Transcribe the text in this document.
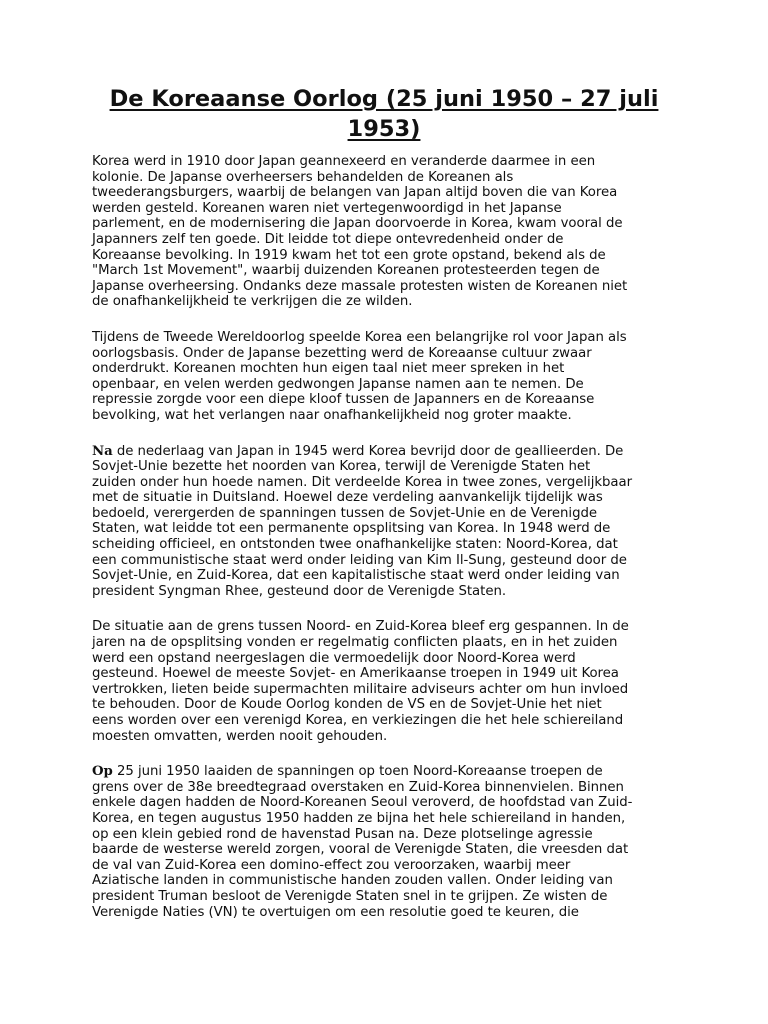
De Koreaanse Oorlog (25 juni 1950 – 27 juli
1953)

Korea werd in 1910 door Japan geannexeerd en veranderde daarmee in een
kolonie. De Japanse overheersers behandelden de Koreanen als
tweederangsburgers, waarbij de belangen van Japan altijd boven die van Korea
werden gesteld. Koreanen waren niet vertegenwoordigd in het Japanse
parlement, en de modernisering die Japan doorvoerde in Korea, kwam vooral de
Japanners zelf ten goede. Dit leidde tot diepe ontevredenheid onder de
Koreaanse bevolking. In 1919 kwam het tot een grote opstand, bekend als de
"March 1st Movement", waarbij duizenden Koreanen protesteerden tegen de
Japanse overheersing. Ondanks deze massale protesten wisten de Koreanen niet
de onafhankelijkheid te verkrijgen die ze wilden.

Tijdens de Tweede Wereldoorlog speelde Korea een belangrijke rol voor Japan als
oorlogsbasis. Onder de Japanse bezetting werd de Koreaanse cultuur zwaar
onderdrukt. Koreanen mochten hun eigen taal niet meer spreken in het
openbaar, en velen werden gedwongen Japanse namen aan te nemen. De
repressie zorgde voor een diepe kloof tussen de Japanners en de Koreaanse
bevolking, wat het verlangen naar onafhankelijkheid nog groter maakte.

Na de nederlaag van Japan in 1945 werd Korea bevrijd door de geallieerden. De
Sovjet-Unie bezette het noorden van Korea, terwijl de Verenigde Staten het
zuiden onder hun hoede namen. Dit verdeelde Korea in twee zones, vergelijkbaar
met de situatie in Duitsland. Hoewel deze verdeling aanvankelijk tijdelijk was
bedoeld, verergerden de spanningen tussen de Sovjet-Unie en de Verenigde
Staten, wat leidde tot een permanente opsplitsing van Korea. In 1948 werd de
scheiding officieel, en ontstonden twee onafhankelijke staten: Noord-Korea, dat
een communistische staat werd onder leiding van Kim Il-Sung, gesteund door de
Sovjet-Unie, en Zuid-Korea, dat een kapitalistische staat werd onder leiding van
president Syngman Rhee, gesteund door de Verenigde Staten.

De situatie aan de grens tussen Noord- en Zuid-Korea bleef erg gespannen. In de
jaren na de opsplitsing vonden er regelmatig conflicten plaats, en in het zuiden
werd een opstand neergeslagen die vermoedelijk door Noord-Korea werd
gesteund. Hoewel de meeste Sovjet- en Amerikaanse troepen in 1949 uit Korea
vertrokken, lieten beide supermachten militaire adviseurs achter om hun invloed
te behouden. Door de Koude Oorlog konden de VS en de Sovjet-Unie het niet
eens worden over een verenigd Korea, en verkiezingen die het hele schiereiland
moesten omvatten, werden nooit gehouden.

Op 25 juni 1950 laaiden de spanningen op toen Noord-Koreaanse troepen de
grens over de 38e breedtegraad overstaken en Zuid-Korea binnenvielen. Binnen
enkele dagen hadden de Noord-Koreanen Seoul veroverd, de hoofdstad van Zuid-
Korea, en tegen augustus 1950 hadden ze bijna het hele schiereiland in handen,
op een klein gebied rond de havenstad Pusan na. Deze plotselinge agressie
baarde de westerse wereld zorgen, vooral de Verenigde Staten, die vreesden dat
de val van Zuid-Korea een domino-effect zou veroorzaken, waarbij meer
Aziatische landen in communistische handen zouden vallen. Onder leiding van
president Truman besloot de Verenigde Staten snel in te grijpen. Ze wisten de
Verenigde Naties (VN) te overtuigen om een resolutie goed te keuren, die
